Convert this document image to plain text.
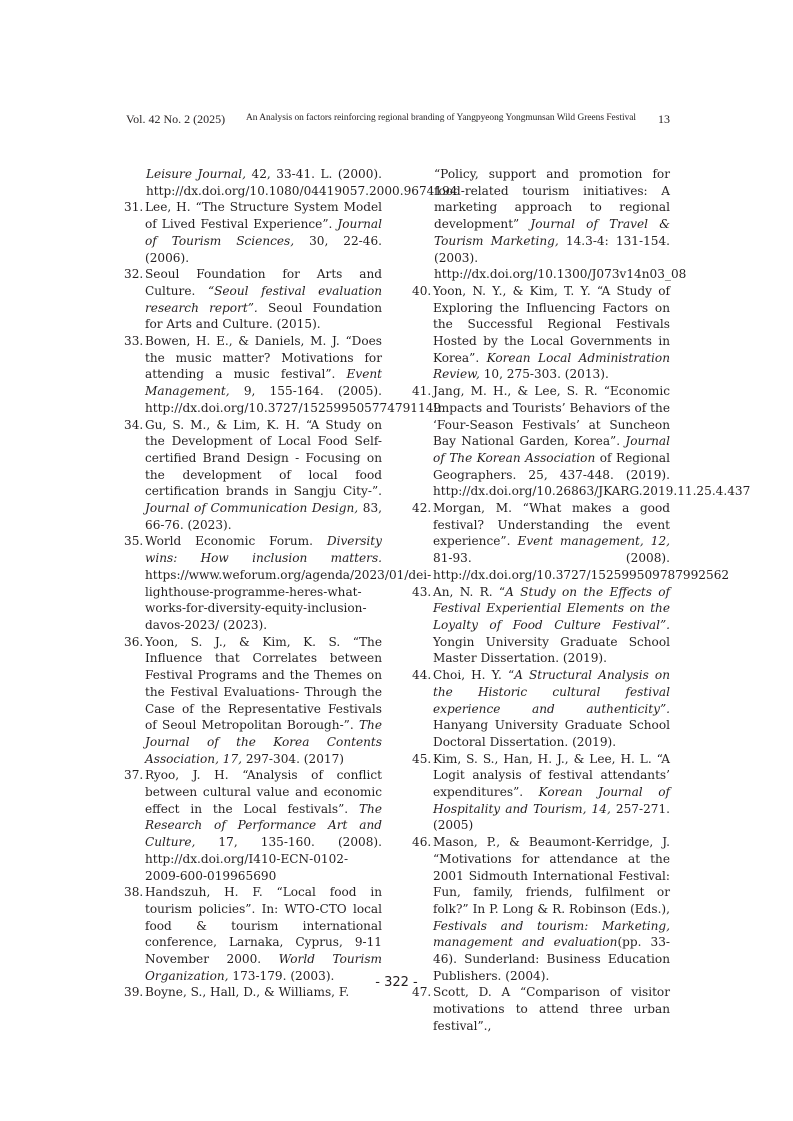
Vol. 42 No. 2 (2025) An Analysis on factors reinforcing regional branding of Yangpyeong Yongmunsan Wild Greens Festival 13
Leisure Journal, 42, 33-41. L. (2000). http://dx.doi.org/10.1080/04419057.2000.9674194
31. Lee, H. “The Structure System Model of Lived Festival Experience”. Journal of Tourism Sciences, 30, 22-46. (2006).
32. Seoul Foundation for Arts and Culture. “Seoul festival evaluation research report”. Seoul Foundation for Arts and Culture. (2015).
33. Bowen, H. E., & Daniels, M. J. “Does the music matter? Motivations for attending a music festival”. Event Management, 9, 155-164. (2005). http://dx.doi.org/10.3727/152599505774791149
34. Gu, S. M., & Lim, K. H. “A Study on the Development of Local Food Self-certified Brand Design - Focusing on the development of local food certification brands in Sangju City-”. Journal of Communication Design, 83, 66-76. (2023).
35. World Economic Forum. Diversity wins: How inclusion matters. https://www.weforum.org/agenda/2023/01/dei-lighthouse-programme-heres-what-works-for-diversity-equity-inclusion-davos-2023/ (2023).
36. Yoon, S. J., & Kim, K. S. “The Influence that Correlates between Festival Programs and the Themes on the Festival Evaluations- Through the Case of the Representative Festivals of Seoul Metropolitan Borough-”. The Journal of the Korea Contents Association, 17, 297-304. (2017)
37. Ryoo, J. H. “Analysis of conflict between cultural value and economic effect in the Local festivals”. The Research of Performance Art and Culture, 17, 135-160. (2008). http://dx.doi.org/I410-ECN-0102-2009-600-019965690
38. Handszuh, H. F. “Local food in tourism policies”. In: WTO-CTO local food & tourism international conference, Larnaka, Cyprus, 9-11 November 2000. World Tourism Organization, 173-179. (2003).
39. Boyne, S., Hall, D., & Williams, F.
“Policy, support and promotion for food-related tourism initiatives: A marketing approach to regional development” Journal of Travel & Tourism Marketing, 14.3-4: 131-154. (2003). http://dx.doi.org/10.1300/J073v14n03_08
40. Yoon, N. Y., & Kim, T. Y. “A Study of Exploring the Influencing Factors on the Successful Regional Festivals Hosted by the Local Governments in Korea”. Korean Local Administration Review, 10, 275-303. (2013).
41. Jang, M. H., & Lee, S. R. “Economic Impacts and Tourists’ Behaviors of the ‘Four-Season Festivals’ at Suncheon Bay National Garden, Korea”. Journal of The Korean Association of Regional Geographers. 25, 437-448. (2019). http://dx.doi.org/10.26863/JKARG.2019.11.25.4.437
42. Morgan, M. “What makes a good festival? Understanding the event experience”. Event management, 12, 81-93. (2008). http://dx.doi.org/10.3727/152599509787992562
43. An, N. R. “A Study on the Effects of Festival Experiential Elements on the Loyalty of Food Culture Festival”. Yongin University Graduate School Master Dissertation. (2019).
44. Choi, H. Y. “A Structural Analysis on the Historic cultural festival experience and authenticity”. Hanyang University Graduate School Doctoral Dissertation. (2019).
45. Kim, S. S., Han, H. J., & Lee, H. L. “A Logit analysis of festival attendants’ expenditures”. Korean Journal of Hospitality and Tourism, 14, 257-271. (2005)
46. Mason, P., & Beaumont-Kerridge, J. “Motivations for attendance at the 2001 Sidmouth International Festival: Fun, family, friends, fulfilment or folk?” In P. Long & R. Robinson (Eds.), Festivals and tourism: Marketing, management and evaluation(pp. 33-46). Sunderland: Business Education Publishers. (2004).
47. Scott, D. A “Comparison of visitor motivations to attend three urban festival”.,
- 322 -
